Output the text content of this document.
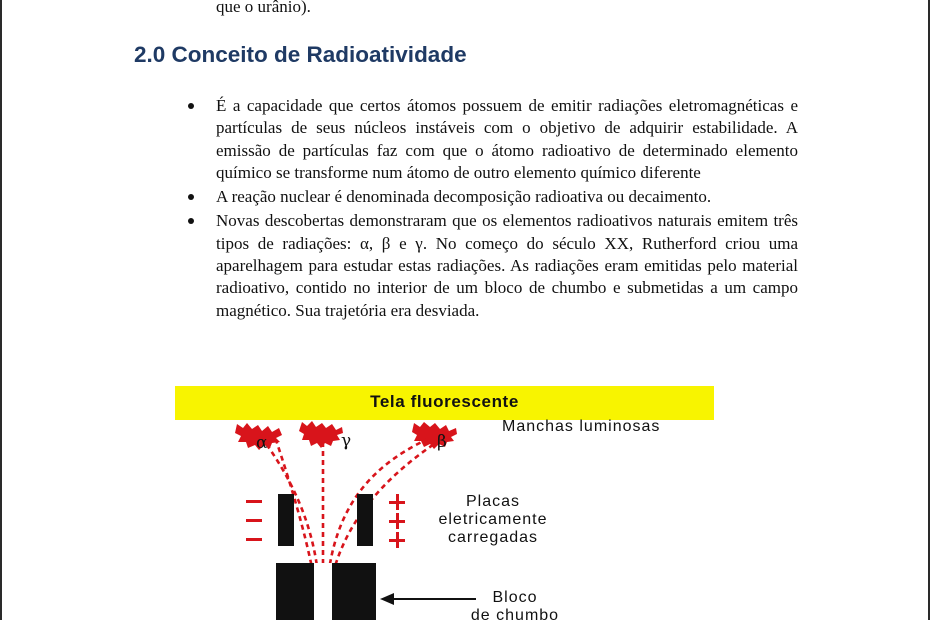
que o urânio).
2.0 Conceito de Radioatividade
É a capacidade que certos átomos possuem de emitir radiações eletromagnéticas e partículas de seus núcleos instáveis com o objetivo de adquirir estabilidade. A emissão de partículas faz com que o átomo radioativo de determinado elemento químico se transforme num átomo de outro elemento químico diferente
A reação nuclear é denominada decomposição radioativa ou decaimento.
Novas descobertas demonstraram que os elementos radioativos naturais emitem três tipos de radiações: α, β e γ. No começo do século XX, Rutherford criou uma aparelhagem para estudar estas radiações. As radiações eram emitidas pelo material radioativo, contido no interior de um bloco de chumbo e submetidas a um campo

magnético. Sua trajetória era desviada.
Tela fluorescente
α	γ	β
Manchas luminosas
Placas
eletricamente
carregadas
Bloco
de chumbo
